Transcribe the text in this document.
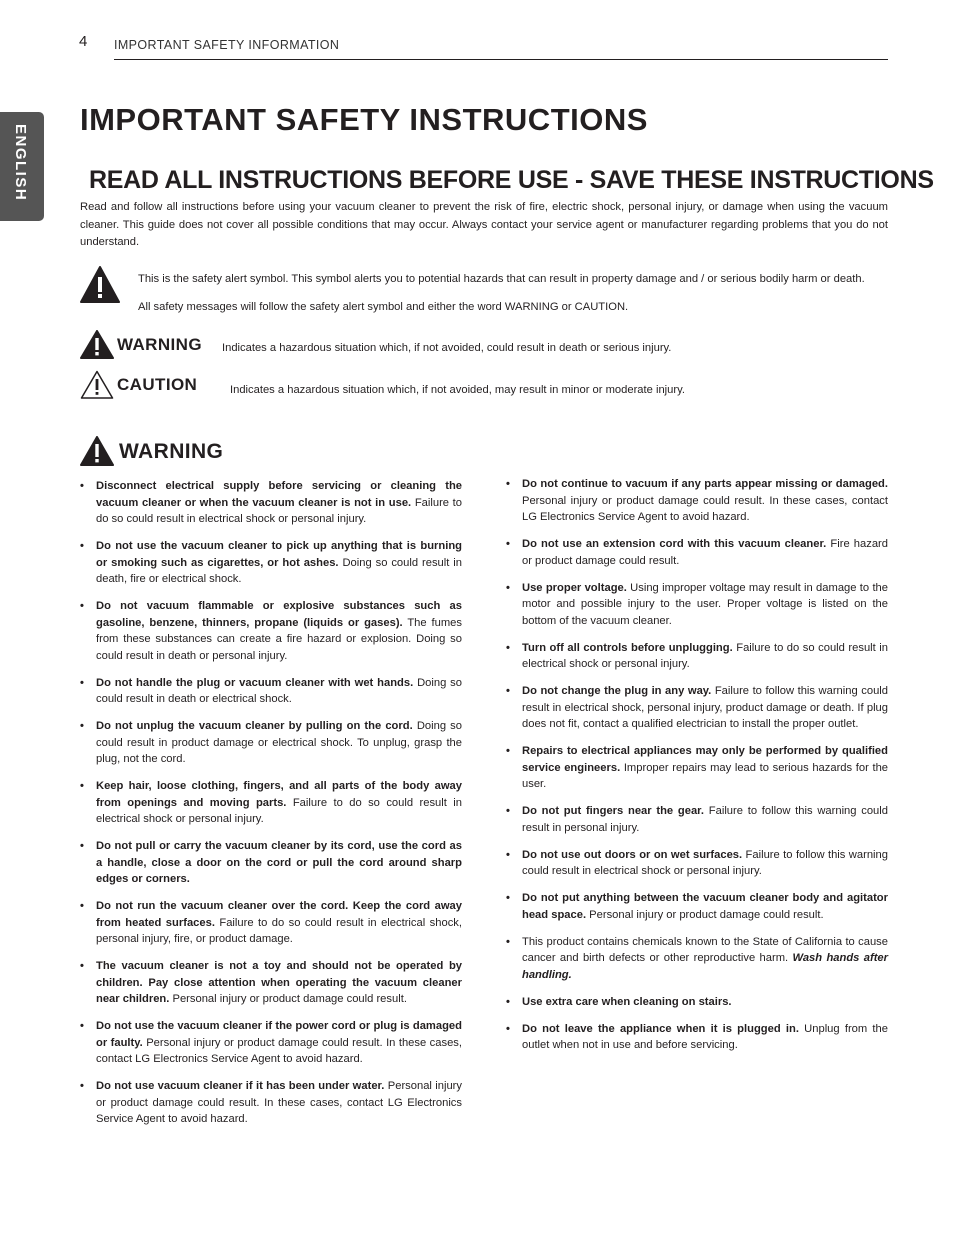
4 IMPORTANT SAFETY INFORMATION
ENGLISH
IMPORTANT SAFETY INSTRUCTIONS
READ ALL INSTRUCTIONS BEFORE USE - SAVE THESE INSTRUCTIONS

Read and follow all instructions before using your vacuum cleaner to prevent the risk of fire, electric shock, personal injury, or damage when using the vacuum cleaner. This guide does not cover all possible conditions that may occur. Always contact your service agent or manufacturer regarding problems that you do not understand.

This is the safety alert symbol. This symbol alerts you to potential hazards that can result in property damage and / or serious bodily harm or death.
All safety messages will follow the safety alert symbol and either the word WARNING or CAUTION.
WARNING Indicates a hazardous situation which, if not avoided, could result in death or serious injury.
CAUTION	Indicates a hazardous situation which, if not avoided, may result in minor or moderate injury.
WARNING
• Disconnect electrical supply before servicing or cleaning the vacuum cleaner or when the vacuum cleaner is not in use. Failure to do so could result in electrical shock or personal injury.
• Do not use the vacuum cleaner to pick up anything that is burning or smoking such as cigarettes, or hot ashes. Doing so could result in death, fire or electrical shock.
• Do not vacuum flammable or explosive substances such as gasoline, benzene, thinners, propane (liquids or gases). The fumes from these substances can create a fire hazard or explosion. Doing so could result in death or personal injury.
• Do not handle the plug or vacuum cleaner with wet hands. Doing so could result in death or electrical shock.
• Do not unplug the vacuum cleaner by pulling on the cord. Doing so could result in product damage or electrical shock. To unplug, grasp the plug, not the cord.
• Keep hair, loose clothing, fingers, and all parts of the body away from openings and moving parts. Failure to do so could result in electrical shock or personal injury.
• Do not pull or carry the vacuum cleaner by its cord, use the cord as a handle, close a door on the cord or pull the cord around sharp edges or corners.
• Do not run the vacuum cleaner over the cord. Keep the cord away from heated surfaces. Failure to do so could result in electrical shock, personal injury, fire, or product damage.
• The vacuum cleaner is not a toy and should not be operated by children. Pay close attention when operating the vacuum cleaner near children. Personal injury or product damage could result.
• Do not use the vacuum cleaner if the power cord or plug is damaged or faulty. Personal injury or product damage could result. In these cases, contact LG Electronics Service Agent to avoid hazard.
• Do not use vacuum cleaner if it has been under water. Personal injury or product damage could result. In these cases, contact LG Electronics Service Agent to avoid hazard.
• Do not continue to vacuum if any parts appear missing or damaged. Personal injury or product damage could result. In these cases, contact LG Electronics Service Agent to avoid hazard.
• Do not use an extension cord with this vacuum cleaner. Fire hazard or product damage could result.
• Use proper voltage. Using improper voltage may result in damage to the motor and possible injury to the user. Proper voltage is listed on the bottom of the vacuum cleaner.
• Turn off all controls before unplugging. Failure to do so could result in electrical shock or personal injury.
• Do not change the plug in any way. Failure to follow this warning could result in electrical shock, personal injury, product damage or death. If plug does not fit, contact a qualified electrician to install the proper outlet.
• Repairs to electrical appliances may only be performed by qualified service engineers. Improper repairs may lead to serious hazards for the user.
• Do not put fingers near the gear. Failure to follow this warning could result in personal injury.
• Do not use out doors or on wet surfaces. Failure to follow this warning could result in electrical shock or personal injury.
• Do not put anything between the vacuum cleaner body and agitator head space. Personal injury or product damage could result.
• This product contains chemicals known to the State of California to cause cancer and birth defects or other reproductive harm. Wash hands after handling.
• Use extra care when cleaning on stairs.
• Do not leave the appliance when it is plugged in. Unplug from the outlet when not in use and before servicing.
